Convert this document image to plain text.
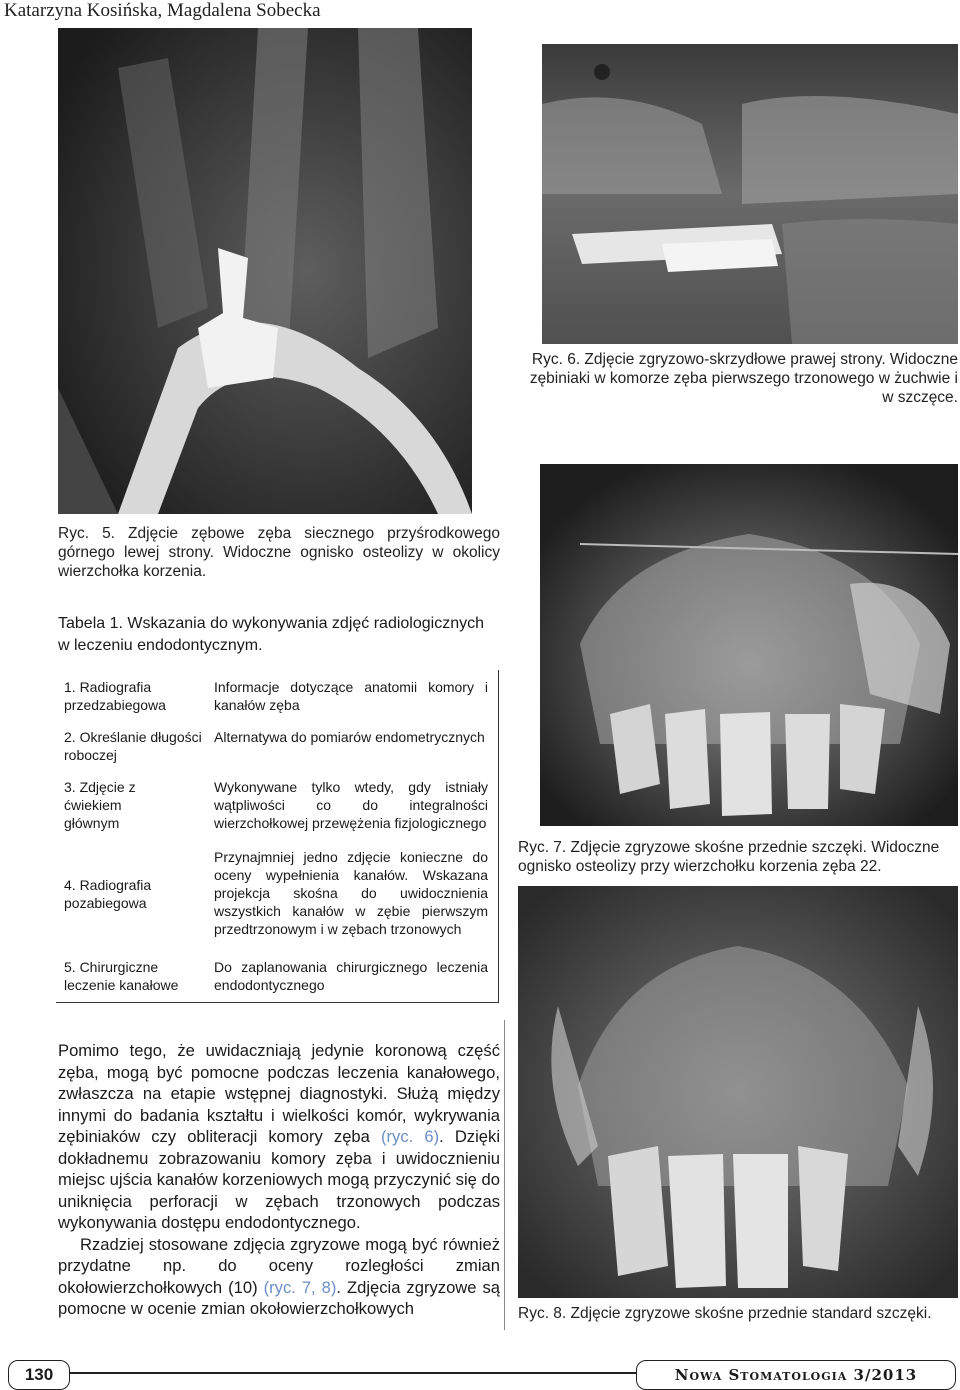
Katarzyna Kosińska, Magdalena Sobecka
Ryc. 5. Zdjęcie zębowe zęba siecznego przyśrodkowego górnego lewej strony. Widoczne ognisko osteolizy w okolicy wierzchołka korzenia.
Ryc. 6. Zdjęcie zgryzowo-skrzydłowe prawej strony. Widoczne zębiniaki w komorze zęba pierwszego trzonowego w żuchwie i w szczęce.
Ryc. 7. Zdjęcie zgryzowe skośne przednie szczęki. Widoczne ognisko osteolizy przy wierzchołku korzenia zęba 22.
Ryc. 8. Zdjęcie zgryzowe skośne przednie standard szczęki.
Tabela 1. Wskazania do wykonywania zdjęć radiologicznych w leczeniu endodontycznym.
1. Radiografia przedzabiegowa
Informacje dotyczące anatomii komory i kanałów zęba
2. Określanie długości roboczej
Alternatywa do pomiarów endometrycznych
3. Zdjęcie z ćwiekiem głównym
Wykonywane tylko wtedy, gdy istniały wątpliwości co do integralności wierzchołkowej przewężenia fizjologicznego
4. Radiografia pozabiegowa
Przynajmniej jedno zdjęcie konieczne do oceny wypełnienia kanałów. Wskazana projekcja skośna do uwidocznienia wszystkich kanałów w zębie pierwszym przedtrzonowym i w zębach trzonowych
5. Chirurgiczne leczenie kanałowe
Do zaplanowania chirurgicznego leczenia endodontycznego

Pomimo tego, że uwidaczniają jedynie koronową część zęba, mogą być pomocne podczas leczenia kanałowego, zwłaszcza na etapie wstępnej diagnostyki. Służą między innymi do badania kształtu i wielkości komór, wykrywania zębiniaków czy obliteracji komory zęba (ryc. 6). Dzięki dokładnemu zobrazowaniu komory zęba i uwidocznieniu miejsc ujścia kanałów korzeniowych mogą przyczynić się do uniknięcia perforacji w zębach trzonowych podczas wykonywania dostępu endodontycznego.

Rzadziej stosowane zdjęcia zgryzowe mogą być również przydatne np. do oceny rozległości zmian okołowierzchołkowych (10) (ryc. 7, 8). Zdjęcia zgryzowe są pomocne w ocenie zmian okołowierzchołkowych

130	Nowa Stomatologia 3/2013
